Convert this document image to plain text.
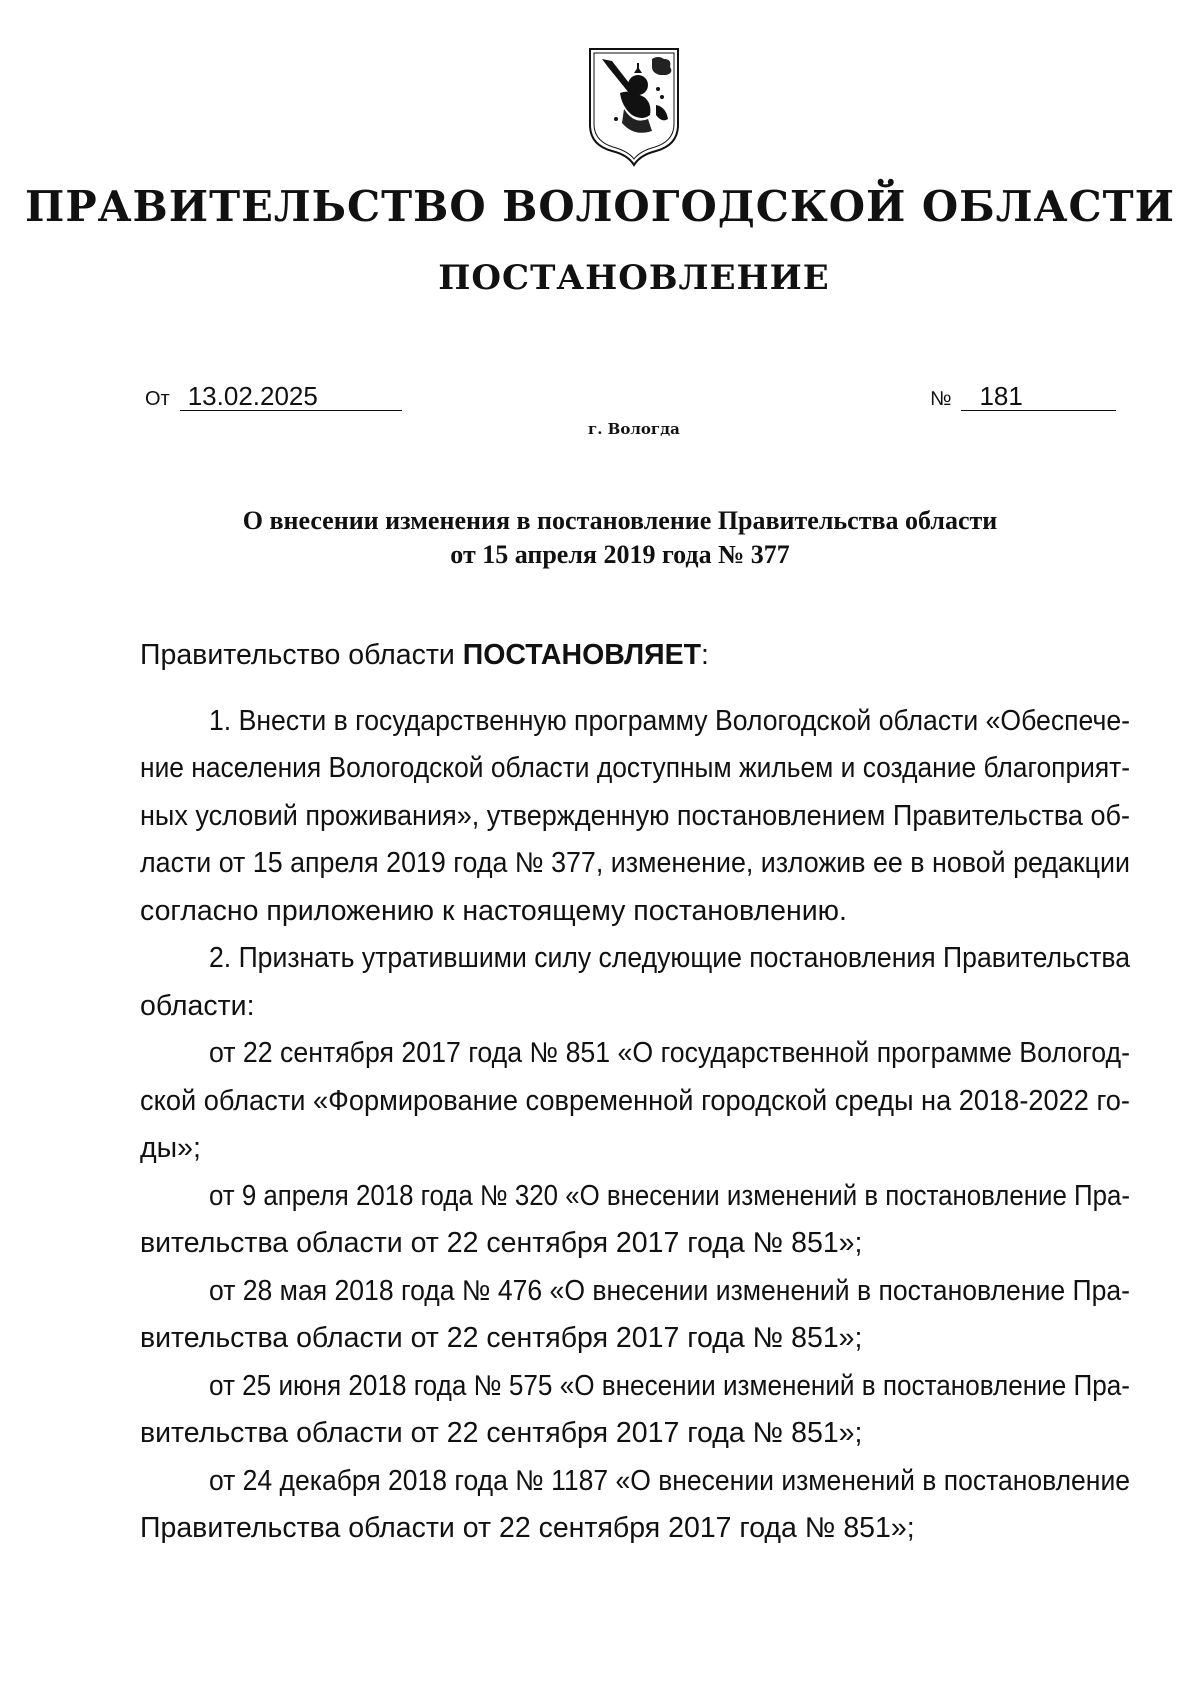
ПРАВИТЕЛЬСТВО ВОЛОГОДСКОЙ ОБЛАСТИ
ПОСТАНОВЛЕНИЕ
От 13.02.2025	№ 181
г. Вологда
О внесении изменения в постановление Правительства области
от 15 апреля 2019 года № 377
Правительство области ПОСТАНОВЛЯЕТ:
1. Внести в государственную программу Вологодской области «Обеспече-
ние населения Вологодской области доступным жильем и создание благоприят-
ных условий проживания», утвержденную постановлением Правительства об-
ласти от 15 апреля 2019 года № 377, изменение, изложив ее в новой редакции
согласно приложению к настоящему постановлению.
2. Признать утратившими силу следующие постановления Правительства
области:
от 22 сентября 2017 года № 851 «О государственной программе Вологод-
ской области «Формирование современной городской среды на 2018-2022 го-
ды»;
от 9 апреля 2018 года № 320 «О внесении изменений в постановление Пра-
вительства области от 22 сентября 2017 года № 851»;
от 28 мая 2018 года № 476 «О внесении изменений в постановление Пра-
вительства области от 22 сентября 2017 года № 851»;
от 25 июня 2018 года № 575 «О внесении изменений в постановление Пра-
вительства области от 22 сентября 2017 года № 851»;
от 24 декабря 2018 года № 1187 «О внесении изменений в постановление
Правительства области от 22 сентября 2017 года № 851»;
